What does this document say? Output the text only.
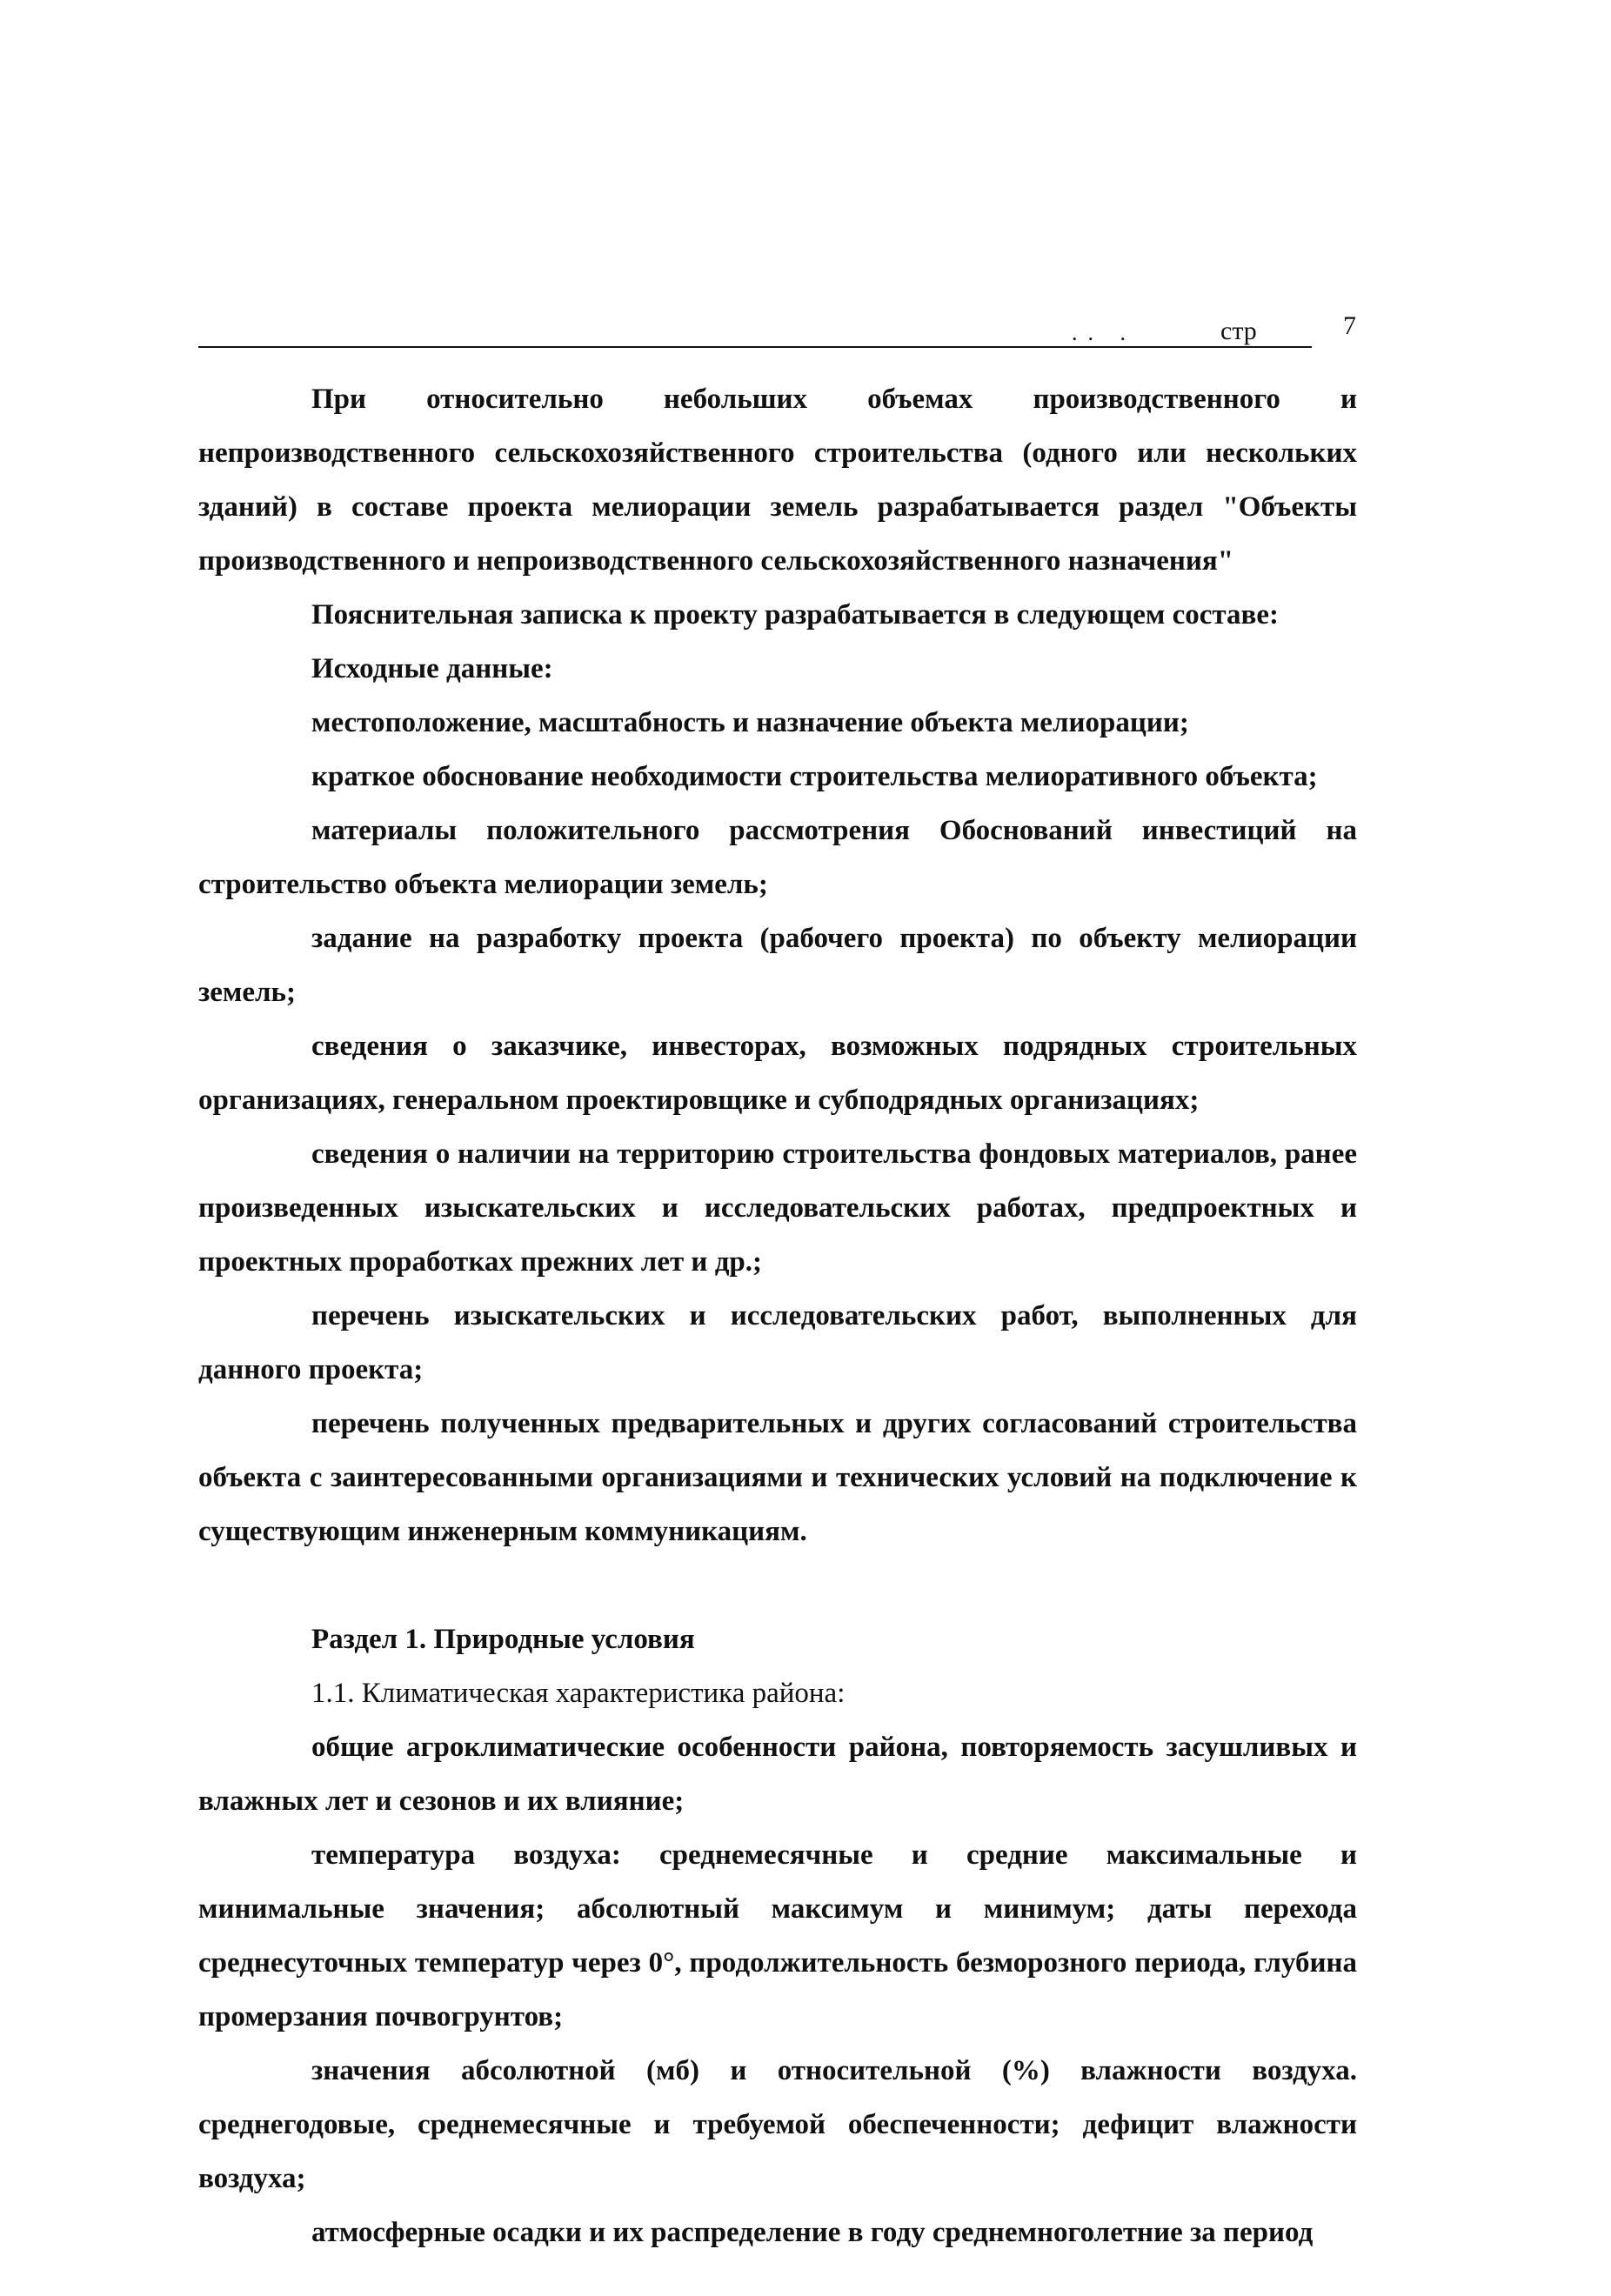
.. .	стр	7

При относительно небольших объемах производственного и непроизводственного сельскохозяйственного строительства (одного или нескольких зданий) в составе проекта мелиорации земель разрабатывается раздел "Объекты производственного и непроизводственного сельскохозяйственного назначения"

Пояснительная записка к проекту разрабатывается в следующем составе:

Исходные данные:

местоположение, масштабность и назначение объекта мелиорации;

краткое обоснование необходимости строительства мелиоративного объекта;

материалы положительного рассмотрения Обоснований инвестиций на строительство объекта мелиорации земель;

задание на разработку проекта (рабочего проекта) по объекту мелиорации земель;

сведения о заказчике, инвесторах, возможных подрядных строительных организациях, генеральном проектировщике и субподрядных организациях;

сведения о наличии на территорию строительства фондовых материалов, ранее произведенных изыскательских и исследовательских работах, предпроектных и проектных проработках прежних лет и др.;

перечень изыскательских и исследовательских работ, выполненных для данного проекта;

перечень полученных предварительных и других согласований строительства объекта с заинтересованными организациями и технических условий на подключение к существующим инженерным коммуникациям.

Раздел 1. Природные условия

1.1. Климатическая характеристика района:

общие агроклиматические особенности района, повторяемость засушливых и влажных лет и сезонов и их влияние;

температура воздуха: среднемесячные и средние максимальные и минимальные значения; абсолютный максимум и минимум; даты перехода среднесуточных температур через 0°, продолжительность безморозного периода, глубина промерзания почвогрунтов;

значения абсолютной (мб) и относительной (%) влажности воздуха. среднегодовые, среднемесячные и требуемой обеспеченности; дефицит влажности воздуха;

атмосферные осадки и их распределение в году среднемноголетние за период
